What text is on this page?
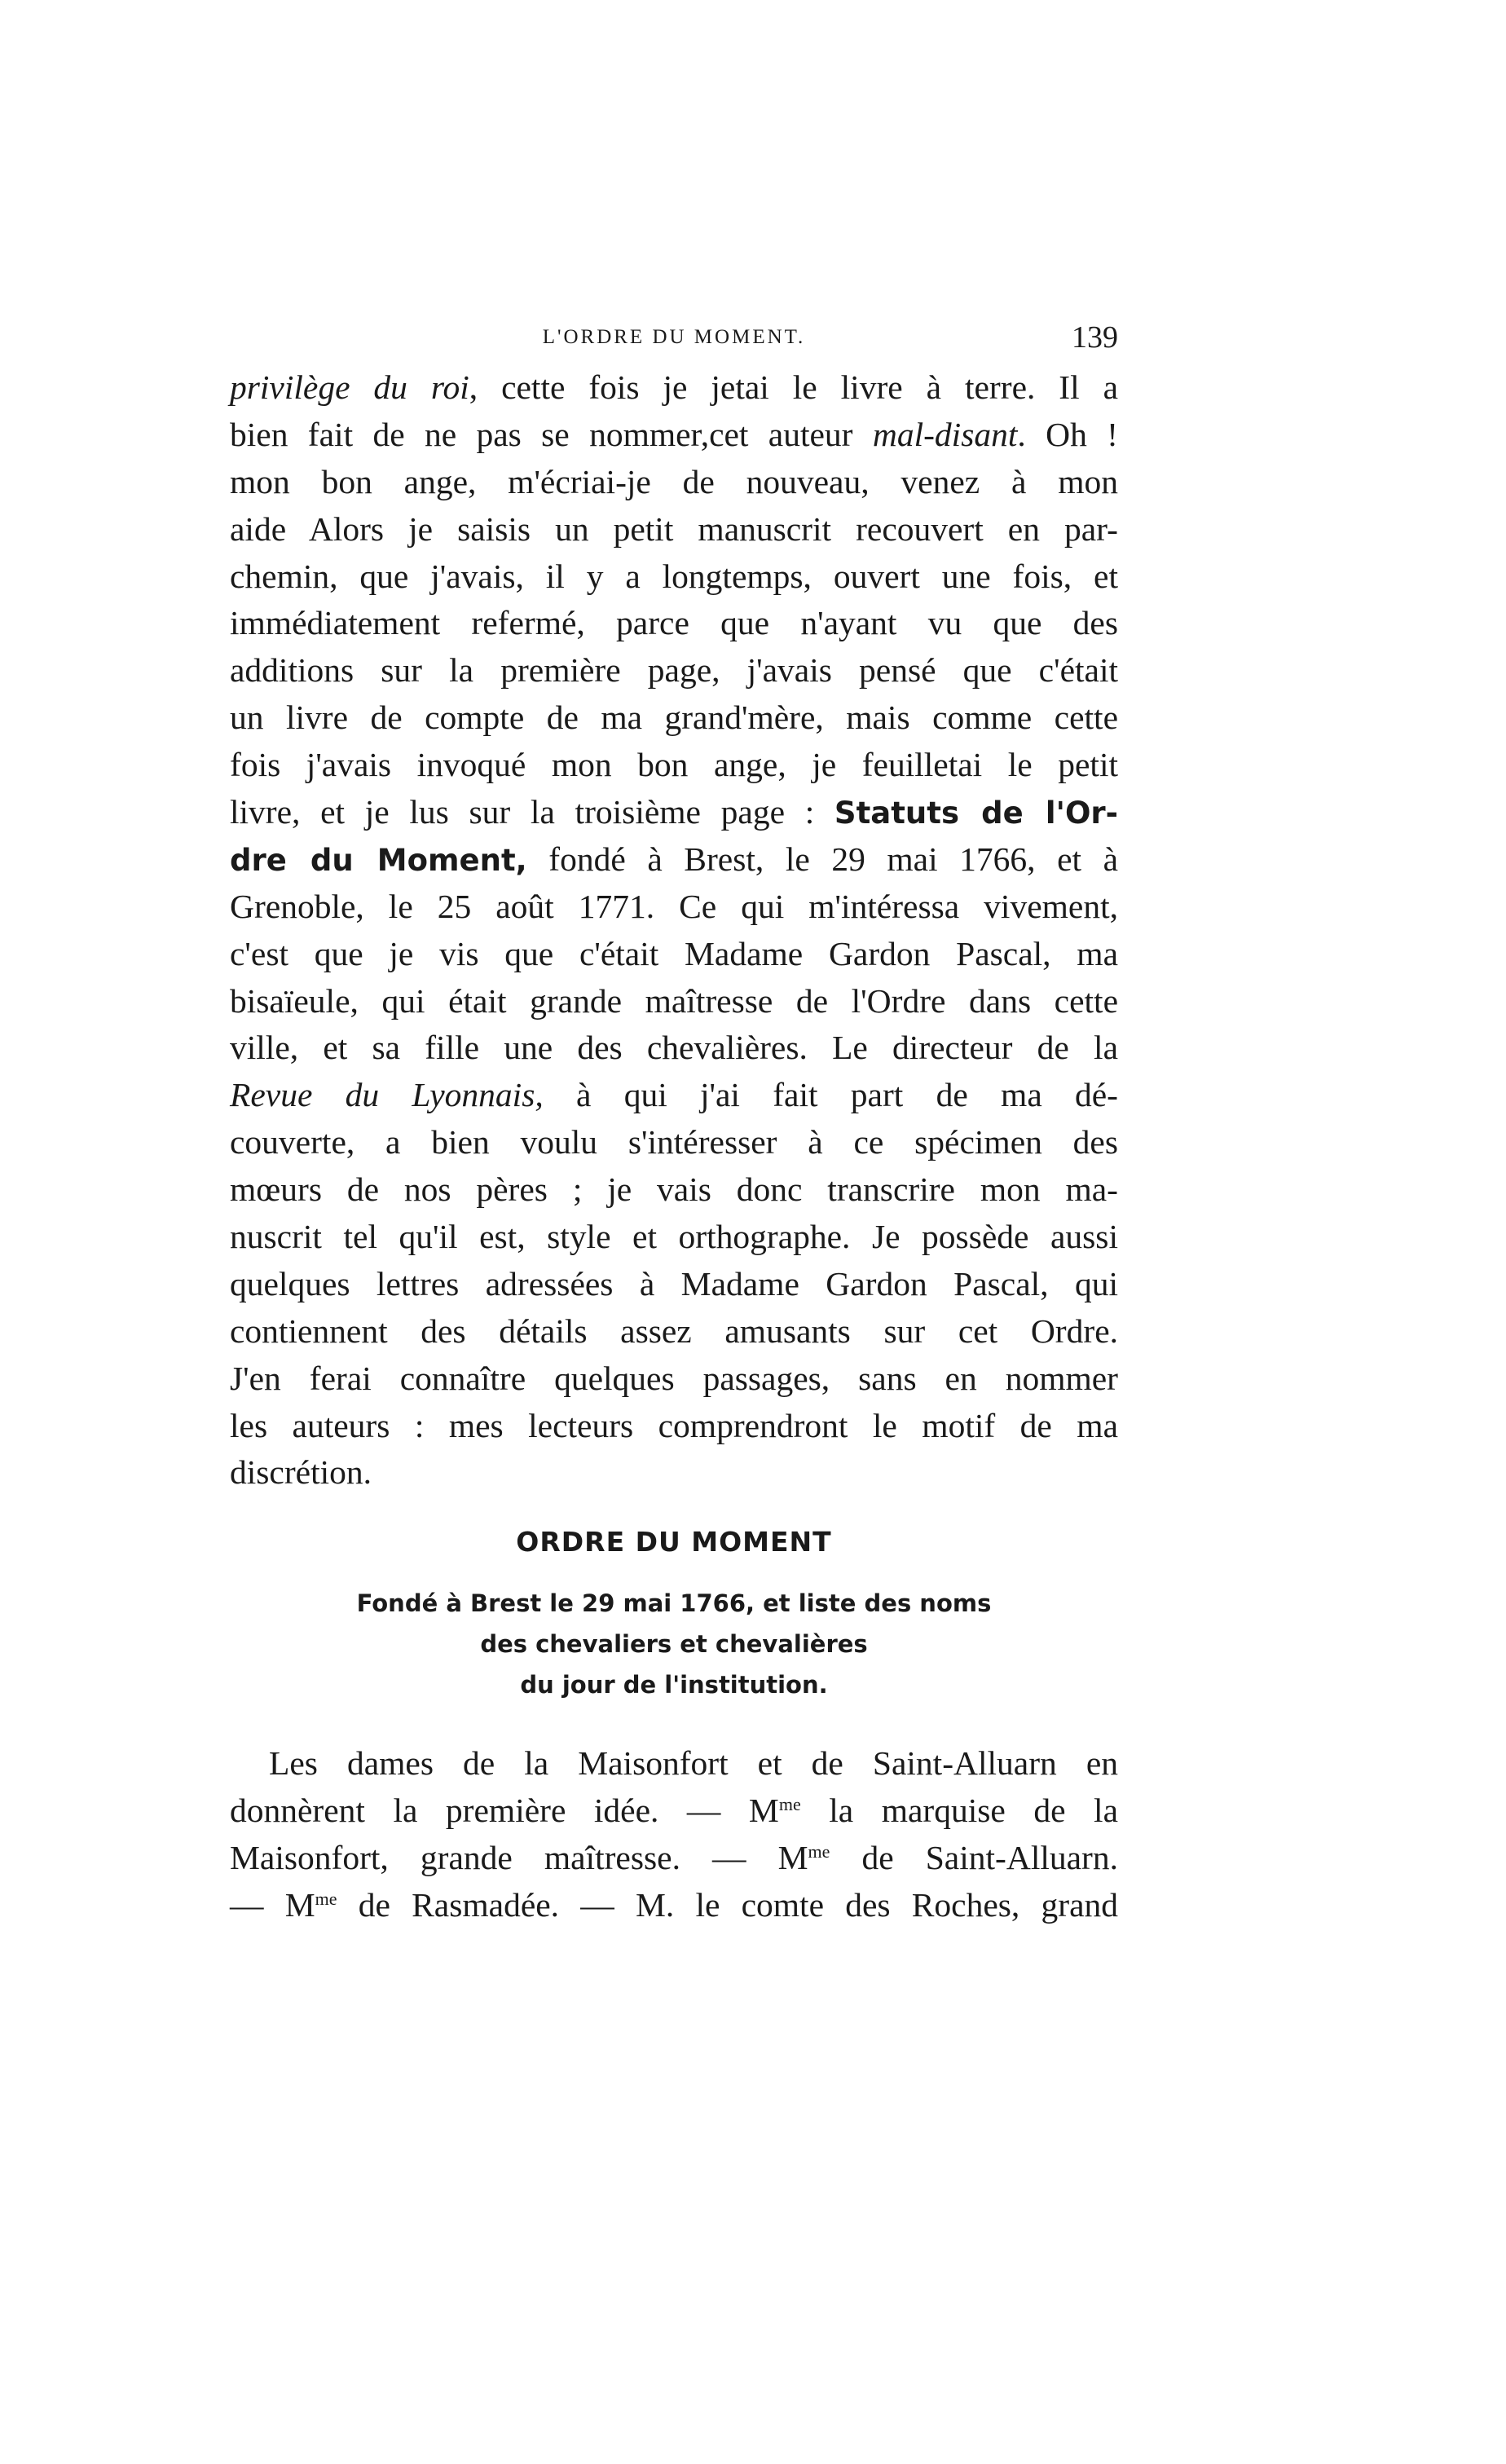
L'ORDRE DU MOMENT.	139
privilège du roi, cette fois je jetai le livre à terre. Il a
bien fait de ne pas se nommer,cet auteur mal-disant. Oh !
mon bon ange, m'écriai-je de nouveau, venez à mon
aide Alors je saisis un petit manuscrit recouvert en par-
chemin, que j'avais, il y a longtemps, ouvert une fois, et
immédiatement refermé, parce que n'ayant vu que des
additions sur la première page, j'avais pensé que c'était
un livre de compte de ma grand'mère, mais comme cette
fois j'avais invoqué mon bon ange, je feuilletai le petit
livre, et je lus sur la troisième page : Statuts de l'Or-
dre du Moment, fondé à Brest, le 29 mai 1766, et à
Grenoble, le 25 août 1771. Ce qui m'intéressa vivement,
c'est que je vis que c'était Madame Gardon Pascal, ma
bisaïeule, qui était grande maîtresse de l'Ordre dans cette
ville, et sa fille une des chevalières. Le directeur de la
Revue du Lyonnais, à qui j'ai fait part de ma dé-
couverte, a bien voulu s'intéresser à ce spécimen des
mœurs de nos pères ; je vais donc transcrire mon ma-
nuscrit tel qu'il est, style et orthographe. Je possède aussi
quelques lettres adressées à Madame Gardon Pascal, qui
contiennent des détails assez amusants sur cet Ordre.
J'en ferai connaître quelques passages, sans en nommer
les auteurs : mes lecteurs comprendront le motif de ma
discrétion.
ORDRE DU MOMENT
Fondé à Brest le 29 mai 1766, et liste des noms
des chevaliers et chevalières
du jour de l'institution.
Les dames de la Maisonfort et de Saint-Alluarn en
donnèrent la première idée. — $M^{me}$ la marquise de la
Maisonfort, grande maîtresse. — $M^{me}$ de Saint-Alluarn.
— $M^{me}$ de Rasmadée. — M. le comte des Roches, grand
